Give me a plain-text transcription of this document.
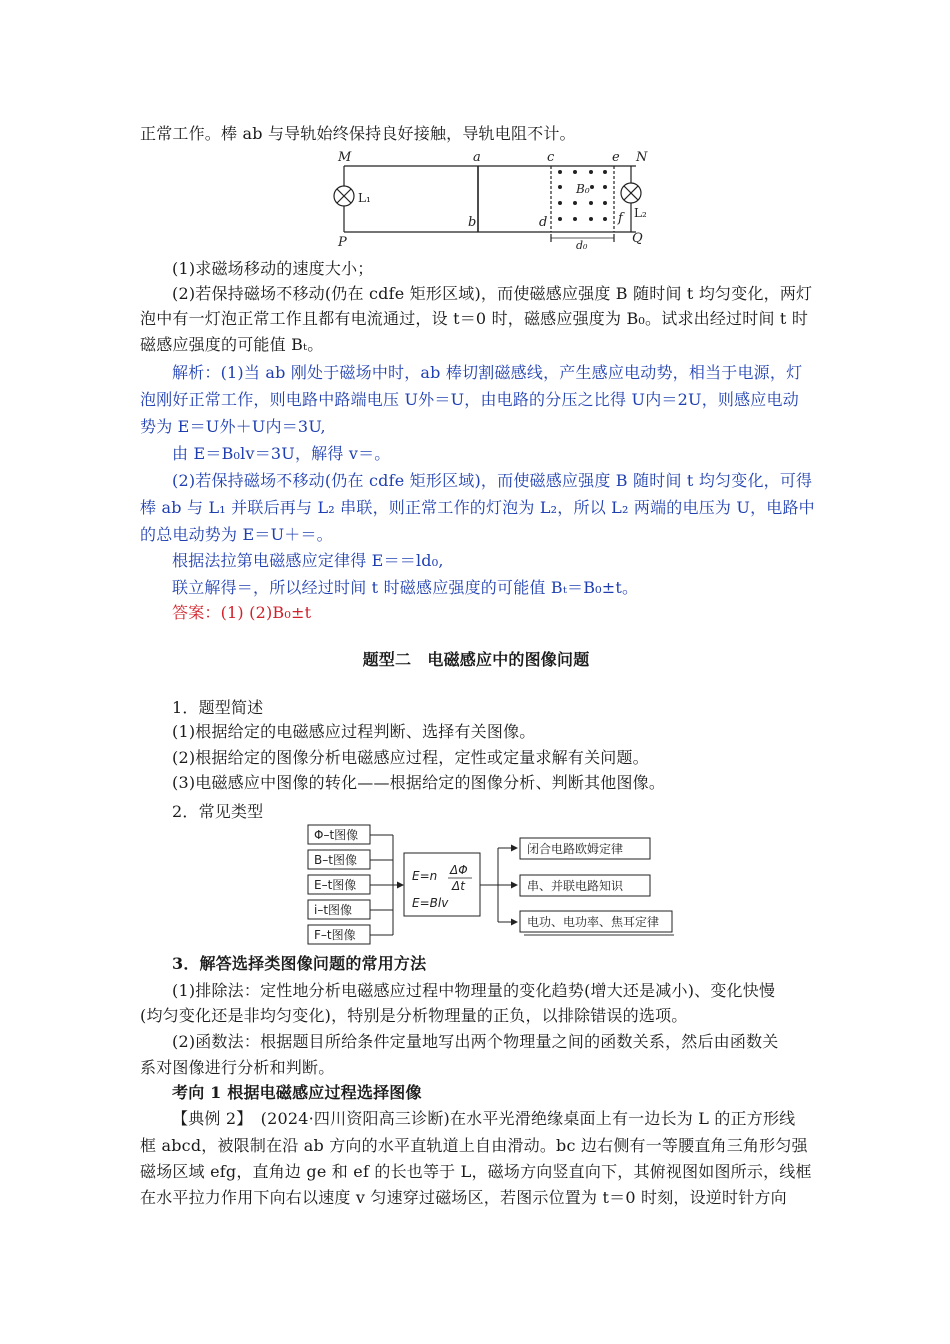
正常工作。棒 ab 与导轨始终保持良好接触，导轨电阻不计。
M	a	c	e N
L₁
B₀
L₂
P
b	d	f
Q
d₀
(1)求磁场移动的速度大小；
(2)若保持磁场不移动(仍在 cdfe 矩形区域)，而使磁感应强度 B 随时间 t 均匀变化，两灯
泡中有一灯泡正常工作且都有电流通过，设 t＝0 时，磁感应强度为 B₀。试求出经过时间 t 时
磁感应强度的可能值 Bₜ。
解析：(1)当 ab 刚处于磁场中时，ab 棒切割磁感线，产生感应电动势，相当于电源，灯
泡刚好正常工作，则电路中路端电压 U外＝U，由电路的分压之比得 U内＝2U，则感应电动
势为 E＝U外＋U内＝3U,
由 E＝B₀lv＝3U，解得 v＝。
(2)若保持磁场不移动(仍在 cdfe 矩形区域)，而使磁感应强度 B 随时间 t 均匀变化，可得
棒 ab 与 L₁ 并联后再与 L₂ 串联，则正常工作的灯泡为 L₂，所以 L₂ 两端的电压为 U，电路中
的总电动势为 E＝U＋＝。
根据法拉第电磁感应定律得 E＝＝ld₀,
联立解得＝，所以经过时间 t 时磁感应强度的可能值 Bₜ＝B₀±t。
答案：(1) (2)B₀±t
题型二　电磁感应中的图像问题
1．题型简述
(1)根据给定的电磁感应过程判断、选择有关图像。
(2)根据给定的图像分析电磁感应过程，定性或定量求解有关问题。
(3)电磁感应中图像的转化——根据给定的图像分析、判断其他图像。
2．常见类型
Φ–t图像
B–t图像
E–t图像
i–t图像
F–t图像
E=n ΔΦ
Δt
E=Blv
闭合电路欧姆定律
串、并联电路知识
电功、电功率、焦耳定律
3．解答选择类图像问题的常用方法
(1)排除法：定性地分析电磁感应过程中物理量的变化趋势(增大还是减小)、变化快慢
(均匀变化还是非均匀变化)，特别是分析物理量的正负，以排除错误的选项。
(2)函数法：根据题目所给条件定量地写出两个物理量之间的函数关系，然后由函数关
系对图像进行分析和判断。
考向 1 根据电磁感应过程选择图像
【典例 2】　(2024·四川资阳高三诊断)在水平光滑绝缘桌面上有一边长为 L 的正方形线
框 abcd，被限制在沿 ab 方向的水平直轨道上自由滑动。bc 边右侧有一等腰直角三角形匀强
磁场区域 efg，直角边 ge 和 ef 的长也等于 L，磁场方向竖直向下，其俯视图如图所示，线框
在水平拉力作用下向右以速度 v 匀速穿过磁场区，若图示位置为 t＝0 时刻，设逆时针方向
